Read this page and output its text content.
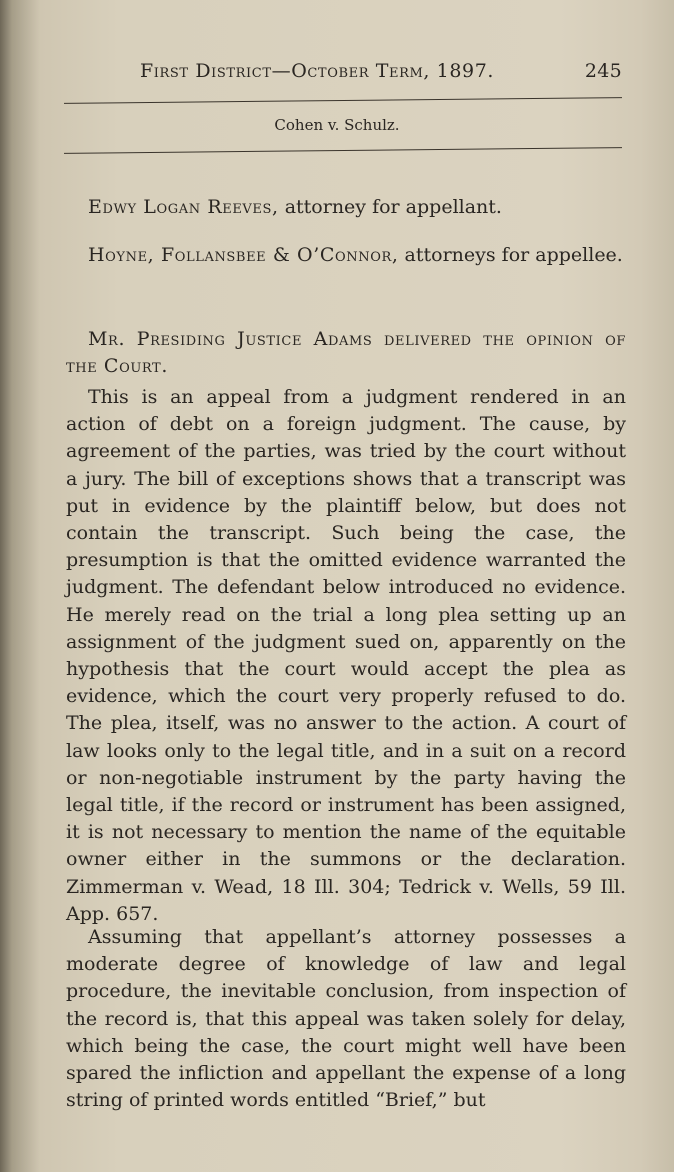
First District—October Term, 1897.	245
Cohen v. Schulz.
Edwy Logan Reeves, attorney for appellant.
Hoyne, Follansbee & O’Connor, attorneys for appellee.
Mr. Presiding Justice Adams delivered the opinion of the Court.
This is an appeal from a judgment rendered in an action of debt on a foreign judgment. The cause, by agreement of the parties, was tried by the court without a jury. The bill of exceptions shows that a transcript was put in evidence by the plaintiff below, but does not contain the transcript. Such being the case, the presumption is that the omitted evidence warranted the judgment. The defendant below introduced no evidence. He merely read on the trial a long plea setting up an assignment of the judgment sued on, apparently on the hypothesis that the court would accept the plea as evidence, which the court very properly refused to do. The plea, itself, was no answer to the action. A court of law looks only to the legal title, and in a suit on a record or non-negotiable instrument by the party having the legal title, if the record or instrument has been assigned, it is not necessary to mention the name of the equitable owner either in the summons or the declaration. Zimmerman v. Wead, 18 Ill. 304; Tedrick v. Wells, 59 Ill. App. 657.
Assuming that appellant’s attorney possesses a moderate degree of knowledge of law and legal procedure, the inevitable conclusion, from inspection of the record is, that this appeal was taken solely for delay, which being the case, the court might well have been spared the infliction and appellant the expense of a long string of printed words entitled “Brief,” but
